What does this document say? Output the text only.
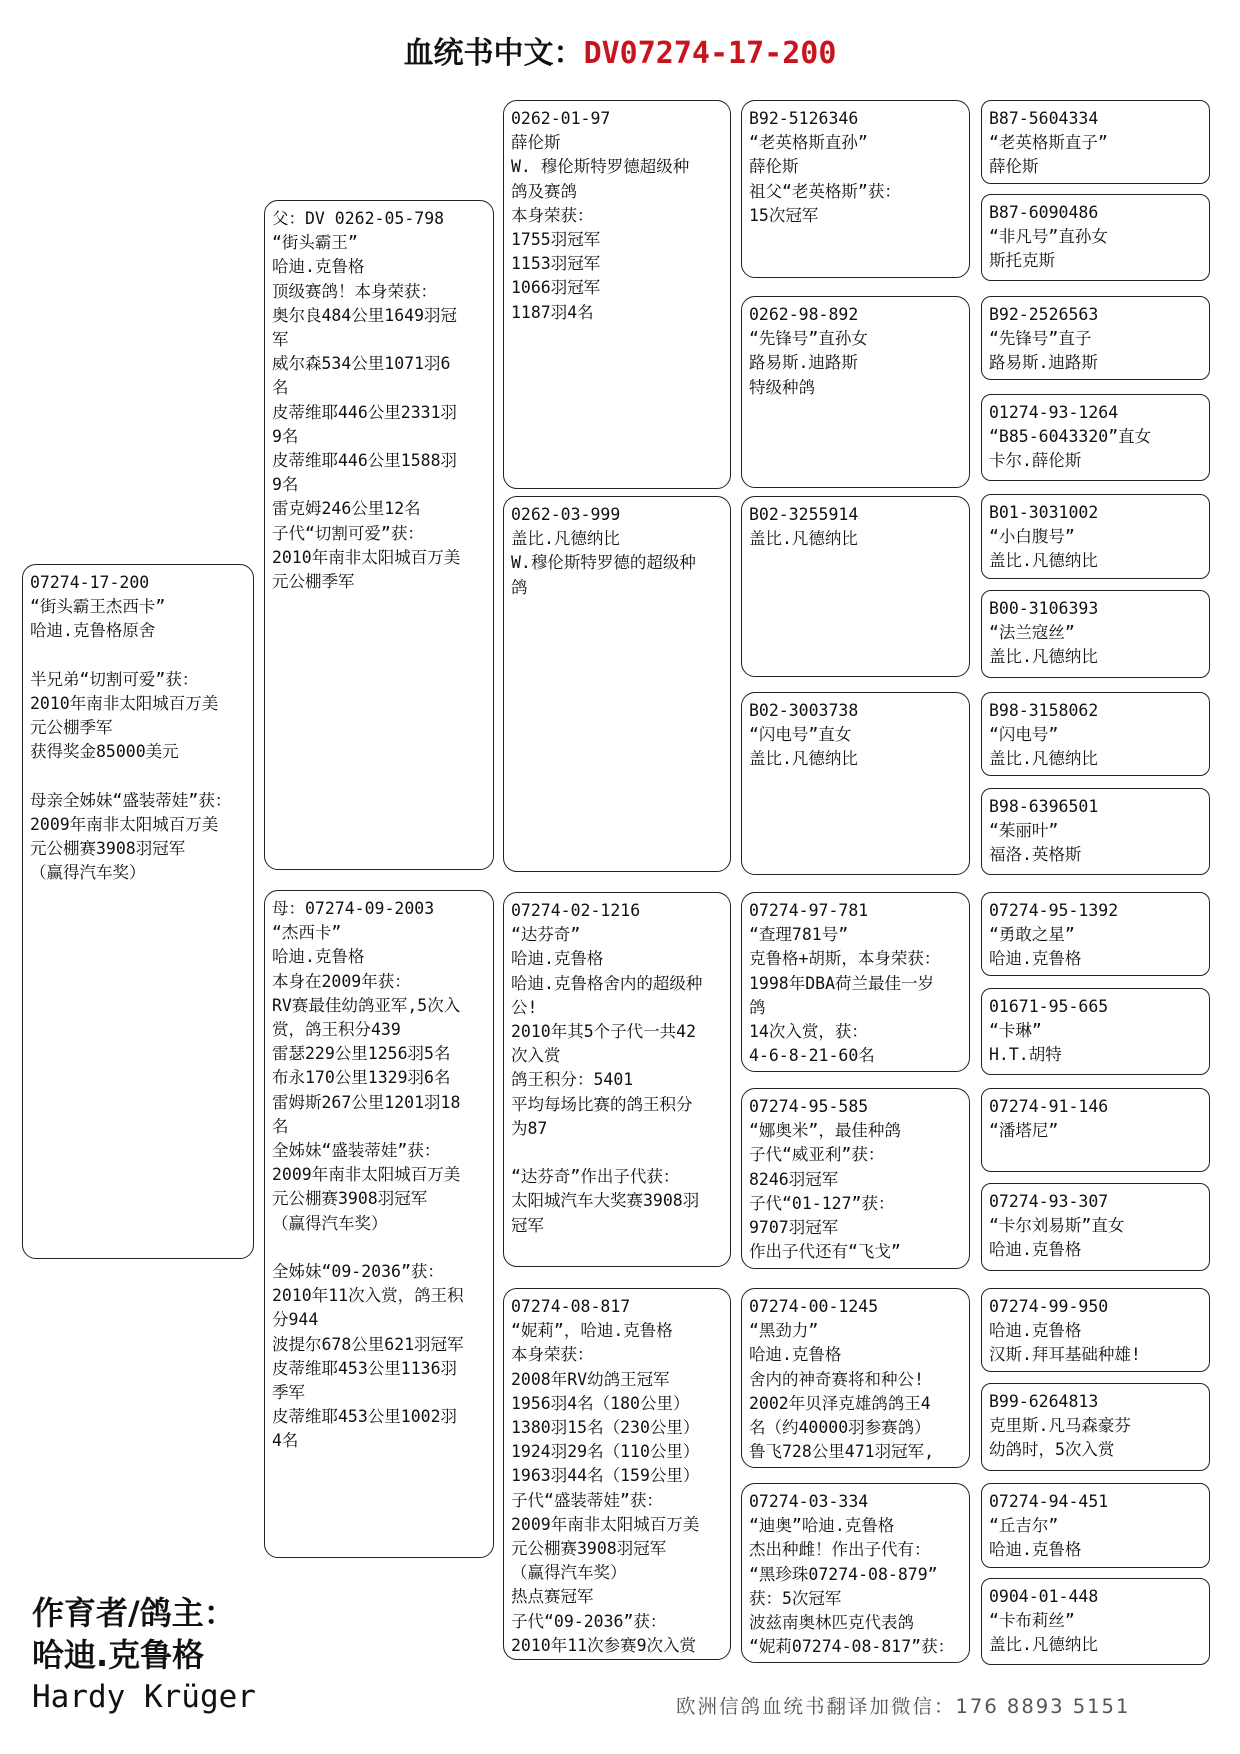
血统书中文：DV07274-17-200
07274-17-200
“街头霸王杰西卡”
哈迪.克鲁格原舍
半兄弟“切割可爱”获：
2010年南非太阳城百万美
元公棚季军
获得奖金85000美元
母亲全姊妹“盛装蒂娃”获：
2009年南非太阳城百万美
元公棚赛3908羽冠军
（赢得汽车奖）
父：DV 0262-05-798
“街头霸王”
哈迪.克鲁格
顶级赛鸽！本身荣获：
奥尔良484公里1649羽冠
军
威尔森534公里1071羽6
名
皮蒂维耶446公里2331羽
9名
皮蒂维耶446公里1588羽
9名
雷克姆246公里12名
子代“切割可爱”获：
2010年南非太阳城百万美
元公棚季军
母：07274-09-2003
“杰西卡”
哈迪.克鲁格
本身在2009年获：
RV赛最佳幼鸽亚军,5次入
赏，鸽王积分439
雷瑟229公里1256羽5名
布永170公里1329羽6名
雷姆斯267公里1201羽18
名
全姊妹“盛装蒂娃”获：
2009年南非太阳城百万美
元公棚赛3908羽冠军
（赢得汽车奖）
全姊妹“09-2036”获：
2010年11次入赏，鸽王积
分944
波提尔678公里621羽冠军
皮蒂维耶453公里1136羽
季军
皮蒂维耶453公里1002羽
4名
0262-01-97
薛伦斯
W. 穆伦斯特罗德超级种
鸽及赛鸽
本身荣获：
1755羽冠军
1153羽冠军
1066羽冠军
1187羽4名
0262-03-999
盖比.凡德纳比
W.穆伦斯特罗德的超级种
鸽
07274-02-1216
“达芬奇”
哈迪.克鲁格
哈迪.克鲁格舍内的超级种
公!
2010年其5个子代一共42
次入赏
鸽王积分：5401
平均每场比赛的鸽王积分
为87
“达芬奇”作出子代获：
太阳城汽车大奖赛3908羽
冠军
07274-08-817
“妮莉”，哈迪.克鲁格
本身荣获：
2008年RV幼鸽王冠军
1956羽4名（180公里）
1380羽15名（230公里）
1924羽29名（110公里）
1963羽44名（159公里）
子代“盛装蒂娃”获：
2009年南非太阳城百万美
元公棚赛3908羽冠军
（赢得汽车奖）
热点赛冠军
子代“09-2036”获：
2010年11次参赛9次入赏
B92-5126346
“老英格斯直孙”
薛伦斯
祖父“老英格斯”获：
15次冠军
0262-98-892
“先锋号”直孙女
路易斯.迪路斯
特级种鸽
B02-3255914
盖比.凡德纳比
B02-3003738
“闪电号”直女
盖比.凡德纳比
07274-97-781
“查理781号”
克鲁格+胡斯，本身荣获：
1998年DBA荷兰最佳一岁
鸽
14次入赏，获：
4-6-8-21-60名
07274-95-585
“娜奥米”，最佳种鸽
子代“威亚利”获：
8246羽冠军
子代“01-127”获：
9707羽冠军
作出子代还有“飞戈”
07274-00-1245
“黑劲力”
哈迪.克鲁格
舍内的神奇赛将和种公!
2002年贝泽克雄鸽鸽王4
名（约40000羽参赛鸽）
鲁飞728公里471羽冠军,
07274-03-334
“迪奥”哈迪.克鲁格
杰出种雌！作出子代有：
“黑珍珠07274-08-879”
获：5次冠军
波兹南奥林匹克代表鸽
“妮莉07274-08-817”获：
B87-5604334
“老英格斯直子”
薛伦斯
B87-6090486
“非凡号”直孙女
斯托克斯
B92-2526563
“先锋号”直子
路易斯.迪路斯
01274-93-1264
“B85-6043320”直女
卡尔.薛伦斯
B01-3031002
“小白腹号”
盖比.凡德纳比
B00-3106393
“法兰寇丝”
盖比.凡德纳比
B98-3158062
“闪电号”
盖比.凡德纳比
B98-6396501
“茱丽叶”
福洛.英格斯
07274-95-1392
“勇敢之星”
哈迪.克鲁格
01671-95-665
“卡琳”
H.T.胡特
07274-91-146
“潘塔尼”
07274-93-307
“卡尔刘易斯”直女
哈迪.克鲁格
07274-99-950
哈迪.克鲁格
汉斯.拜耳基础种雄!
B99-6264813
克里斯.凡马森豪芬
幼鸽时，5次入赏
07274-94-451
“丘吉尔”
哈迪.克鲁格
0904-01-448
“卡布莉丝”
盖比.凡德纳比
作育者/鸽主：
哈迪.克鲁格
Hardy Krüger	欧洲信鸽血统书翻译加微信：176 8893 5151
